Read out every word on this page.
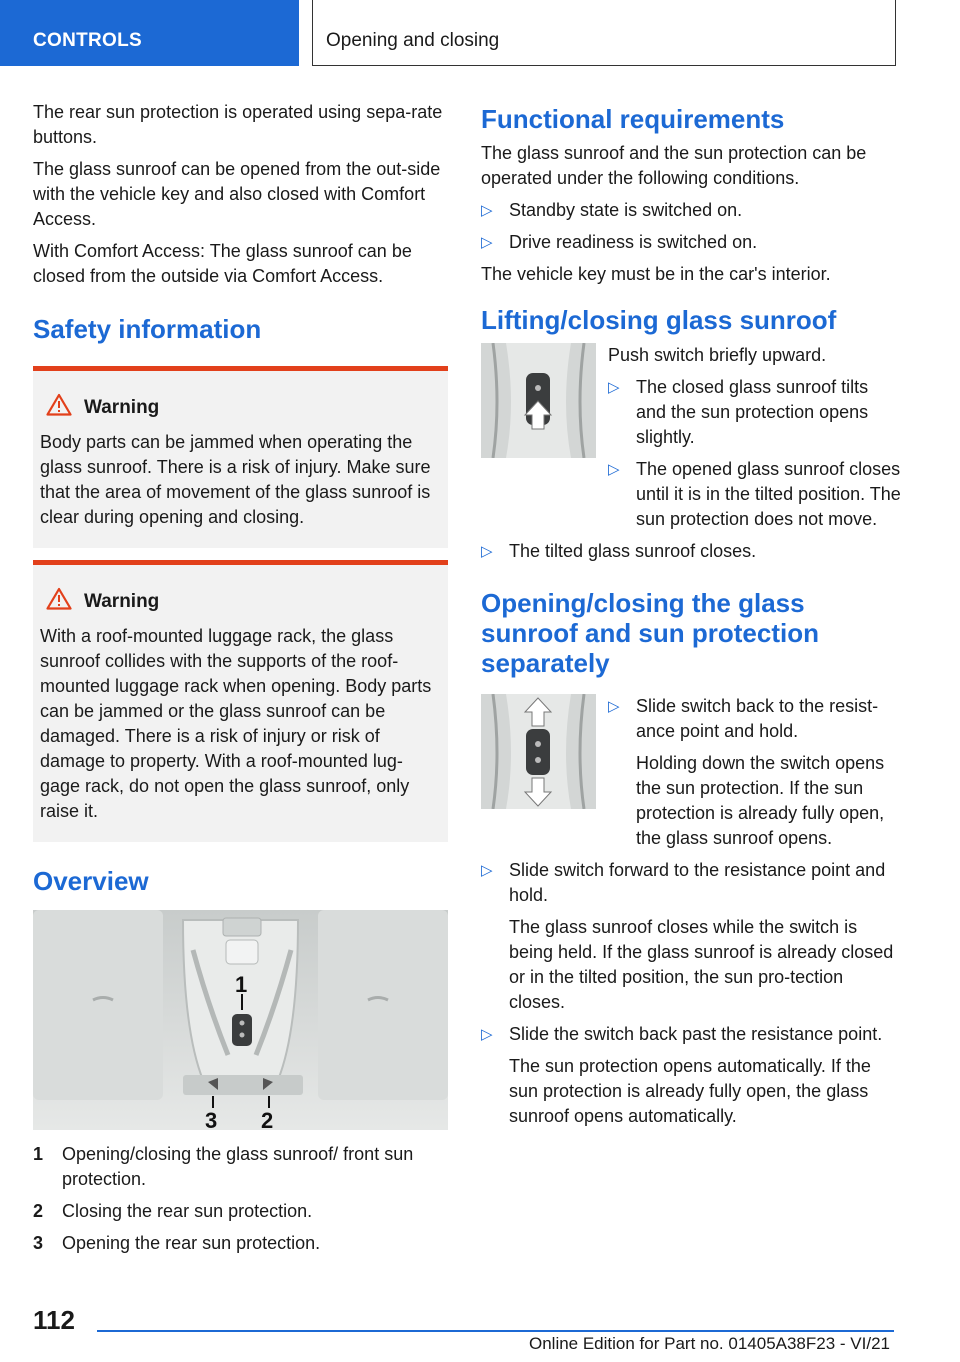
CONTROLS	Opening and closing

The rear sun protection is operated using sepa-rate buttons.

The glass sunroof can be opened from the out-side with the vehicle key and also closed with Comfort Access.

With Comfort Access: The glass sunroof can be closed from the outside via Comfort Access.

Safety information
Warning

Body parts can be jammed when operating the glass sunroof. There is a risk of injury. Make sure that the area of movement of the glass sunroof is clear during opening and closing.

Warning

With a roof-mounted luggage rack, the glass sunroof collides with the supports of the roof-mounted luggage rack when opening. Body parts can be jammed or the glass sunroof can be damaged. There is a risk of injury or risk of damage to property. With a roof-mounted lug-gage rack, do not open the glass sunroof, only raise it.

Overview
1
3 2
1 Opening/closing the glass sunroof/ front sun protection.
2 Closing the rear sun protection.
3 Opening the rear sun protection.
Functional requirements

The glass sunroof and the sun protection can be operated under the following conditions.

▷ Standby state is switched on.
▷ Drive readiness is switched on.

The vehicle key must be in the car's interior.

Lifting/closing glass sunroof

Push switch briefly upward.

▷ The closed glass sunroof tilts and the sun protection opens slightly.
▷ The opened glass sunroof closes until it is in the tilted position. The sun protection does not move.
▷ The tilted glass sunroof closes.
Opening/closing the glass sunroof and sun protection separately
▷ Slide switch back to the resist-ance point and hold.

Holding down the switch opens the sun protection. If the sun protection is already fully open, the glass sunroof opens.

▷ Slide switch forward to the resistance point and hold.

The glass sunroof closes while the switch is being held. If the glass sunroof is already closed or in the tilted position, the sun pro-tection closes.

▷ Slide the switch back past the resistance point.

The sun protection opens automatically. If the sun protection is already fully open, the glass sunroof opens automatically.

112
Online Edition for Part no. 01405A38F23 - VI/21
